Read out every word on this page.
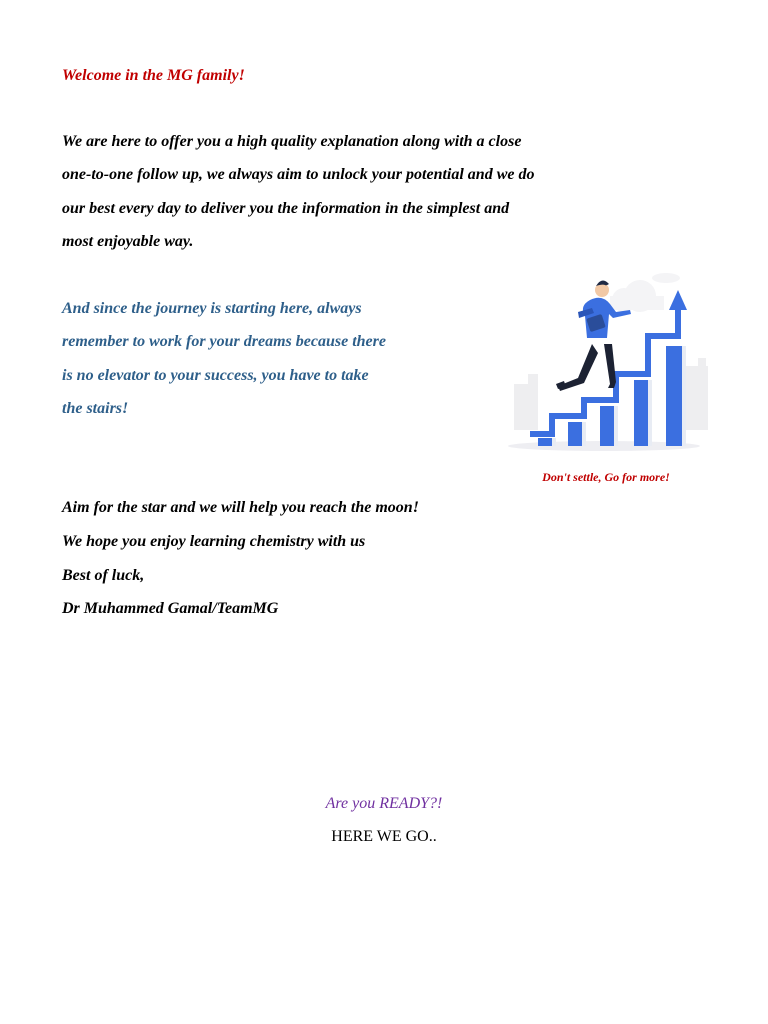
Welcome in the MG family!

We are here to offer you a high quality explanation along with a close

one-to-one follow up, we always aim to unlock your potential and we do

our best every day to deliver you the information in the simplest and

most enjoyable way.

And since the journey is starting here, always

remember to work for your dreams because there

is no elevator to your success, you have to take

the stairs!

Don't settle, Go for more!

Aim for the star and we will help you reach the moon!

We hope you enjoy learning chemistry with us

Best of luck,

Dr Muhammed Gamal/TeamMG

Are you READY?!

HERE WE GO..
